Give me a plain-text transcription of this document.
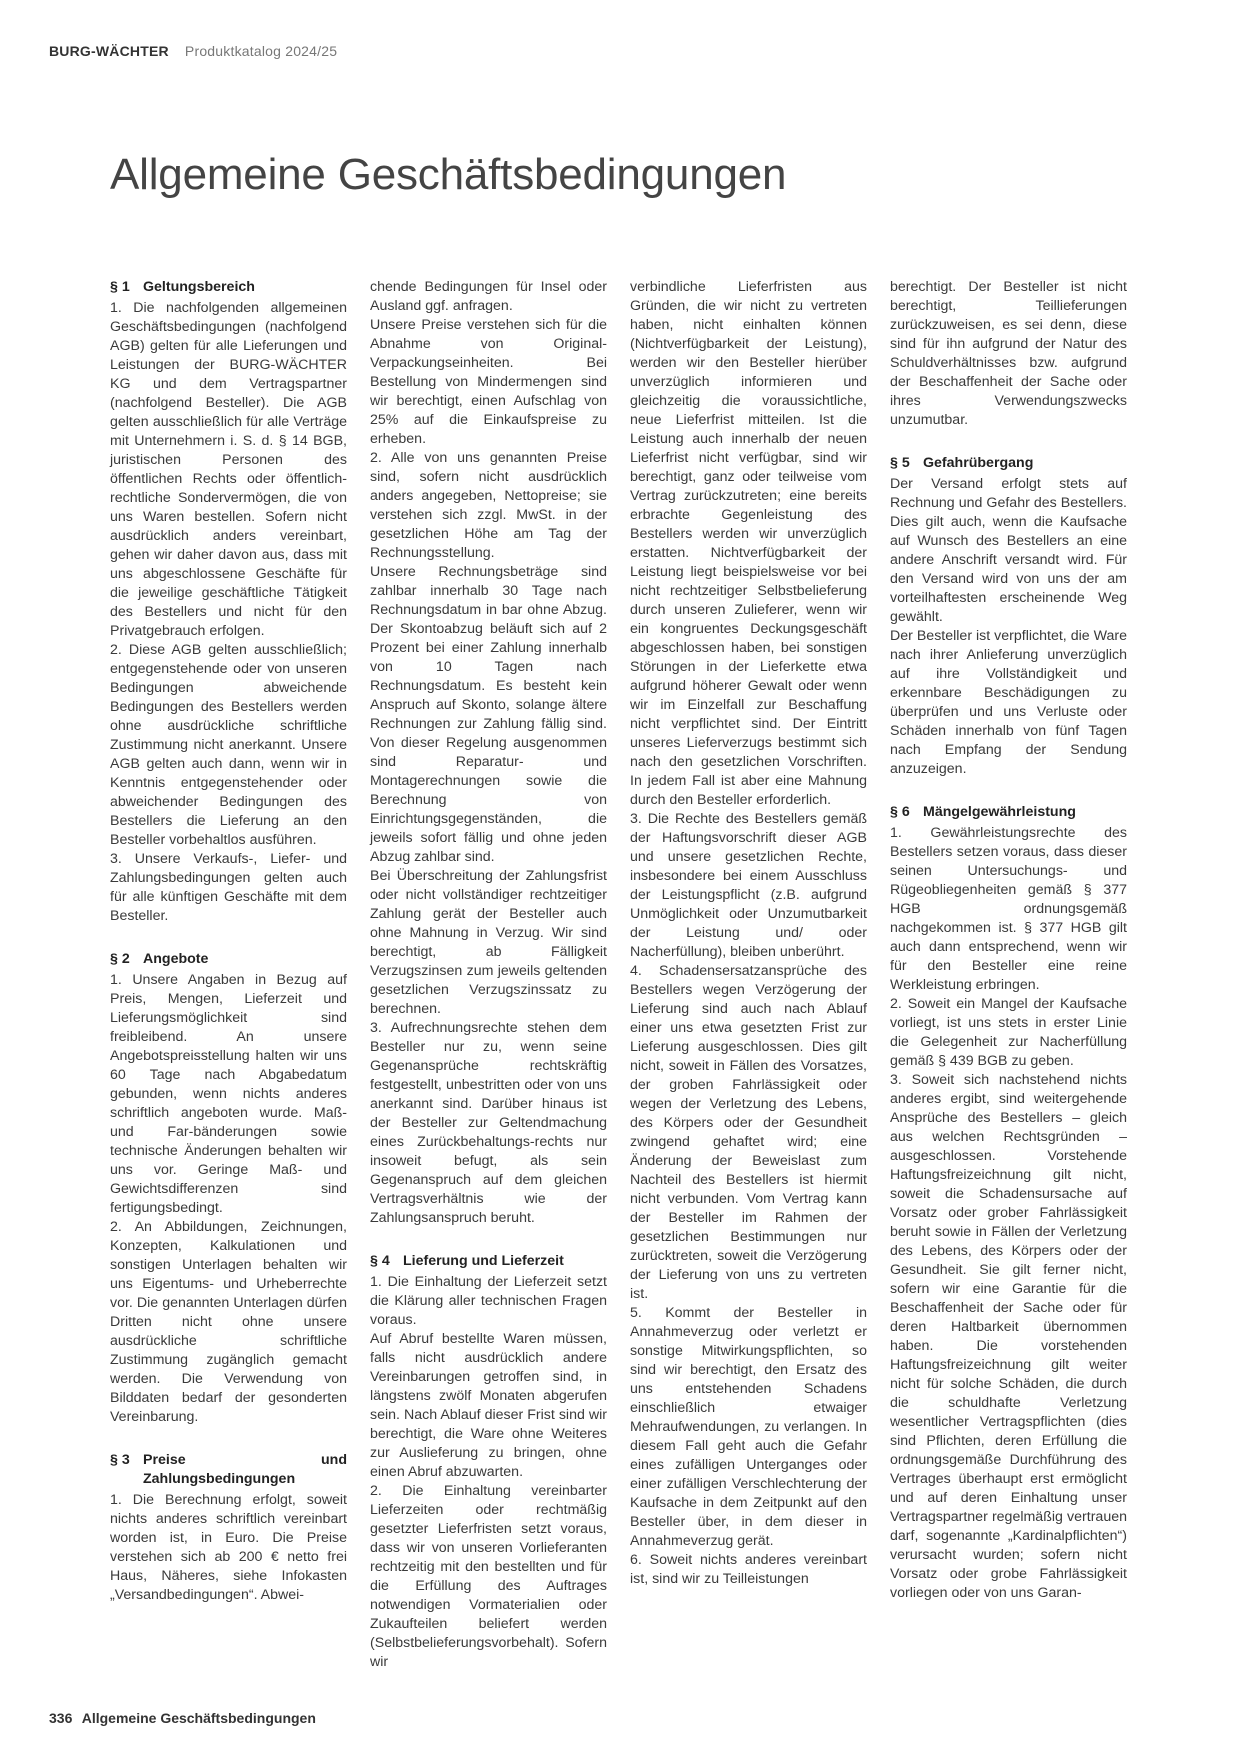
BURG-WÄCHTER Produktkatalog 2024/25
Allgemeine Geschäftsbedingungen
§ 1 Geltungsbereich

1. Die nachfolgenden allgemeinen Geschäftsbedingungen (nachfolgend AGB) gelten für alle Lieferungen und Leistungen der BURG-WÄCHTER KG und dem Vertragspartner (nachfolgend Besteller). Die AGB gelten ausschließlich für alle Verträge mit Unternehmern i. S. d. § 14 BGB, juristischen Personen des öffentlichen Rechts oder öffentlich-rechtliche Sondervermögen, die von uns Waren bestellen. Sofern nicht ausdrücklich anders vereinbart, gehen wir daher davon aus, dass mit uns abgeschlossene Geschäfte für die jeweilige geschäftliche Tätigkeit des Bestellers und nicht für den Privatgebrauch erfolgen.

2. Diese AGB gelten ausschließlich; entgegenstehende oder von unseren Bedingungen abweichende Bedingungen des Bestellers werden ohne ausdrückliche schriftliche Zustimmung nicht anerkannt. Unsere AGB gelten auch dann, wenn wir in Kenntnis entgegenstehender oder abweichender Bedingungen des Bestellers die Lieferung an den Besteller vorbehaltlos ausführen.

3. Unsere Verkaufs-, Liefer- und Zahlungsbedingungen gelten auch für alle künftigen Geschäfte mit dem Besteller.

§ 2 Angebote

1. Unsere Angaben in Bezug auf Preis, Mengen, Lieferzeit und Lieferungsmöglichkeit sind freibleibend. An unsere Angebotspreisstellung halten wir uns 60 Tage nach Abgabedatum gebunden, wenn nichts anderes schriftlich angeboten wurde. Maß- und Far-bänderungen sowie technische Änderungen behalten wir uns vor. Geringe Maß- und Gewichtsdifferenzen sind fertigungsbedingt.

2. An Abbildungen, Zeichnungen, Konzepten, Kalkulationen und sonstigen Unterlagen behalten wir uns Eigentums- und Urheberrechte vor. Die genannten Unterlagen dürfen Dritten nicht ohne unsere ausdrückliche schriftliche Zustimmung zugänglich gemacht werden. Die Verwendung von Bilddaten bedarf der gesonderten Vereinbarung.

§ 3 Preise und Zahlungsbedingungen

1. Die Berechnung erfolgt, soweit nichts anderes schriftlich vereinbart worden ist, in Euro. Die Preise verstehen sich ab 200 € netto frei Haus, Näheres, siehe Infokasten „Versandbedingungen“. Abwei-

chende Bedingungen für Insel oder Ausland ggf. anfragen.

Unsere Preise verstehen sich für die Abnahme von Original-Verpackungseinheiten. Bei Bestellung von Mindermengen sind wir berechtigt, einen Aufschlag von 25% auf die Einkaufspreise zu erheben.

2. Alle von uns genannten Preise sind, sofern nicht ausdrücklich anders angegeben, Nettopreise; sie verstehen sich zzgl. MwSt. in der gesetzlichen Höhe am Tag der Rechnungsstellung.

Unsere Rechnungsbeträge sind zahlbar innerhalb 30 Tage nach Rechnungsdatum in bar ohne Abzug. Der Skontoabzug beläuft sich auf 2 Prozent bei einer Zahlung innerhalb von 10 Tagen nach Rechnungsdatum. Es besteht kein Anspruch auf Skonto, solange ältere Rechnungen zur Zahlung fällig sind. Von dieser Regelung ausgenommen sind Reparatur- und Montagerechnungen sowie die Berechnung von Einrichtungsgegenständen, die jeweils sofort fällig und ohne jeden Abzug zahlbar sind.

Bei Überschreitung der Zahlungsfrist oder nicht vollständiger rechtzeitiger Zahlung gerät der Besteller auch ohne Mahnung in Verzug. Wir sind berechtigt, ab Fälligkeit Verzugszinsen zum jeweils geltenden gesetzlichen Verzugszinssatz zu berechnen.

3. Aufrechnungsrechte stehen dem Besteller nur zu, wenn seine Gegenansprüche rechtskräftig festgestellt, unbestritten oder von uns anerkannt sind. Darüber hinaus ist der Besteller zur Geltendmachung eines Zurückbehaltungs-rechts nur insoweit befugt, als sein Gegenanspruch auf dem gleichen Vertragsverhältnis wie der Zahlungsanspruch beruht.

§ 4 Lieferung und Lieferzeit

1. Die Einhaltung der Lieferzeit setzt die Klärung aller technischen Fragen voraus.

Auf Abruf bestellte Waren müssen, falls nicht ausdrücklich andere Vereinbarungen getroffen sind, in längstens zwölf Monaten abgerufen sein. Nach Ablauf dieser Frist sind wir berechtigt, die Ware ohne Weiteres zur Auslieferung zu bringen, ohne einen Abruf abzuwarten.

2. Die Einhaltung vereinbarter Lieferzeiten oder rechtmäßig gesetzter Lieferfristen setzt voraus, dass wir von unseren Vorlieferanten rechtzeitig mit den bestellten und für die Erfüllung des Auftrages notwendigen Vormaterialien oder Zukaufteilen beliefert werden (Selbstbelieferungsvorbehalt). Sofern wir

verbindliche Lieferfristen aus Gründen, die wir nicht zu vertreten haben, nicht einhalten können (Nichtverfügbarkeit der Leistung), werden wir den Besteller hierüber unverzüglich informieren und gleichzeitig die voraussichtliche, neue Lieferfrist mitteilen. Ist die Leistung auch innerhalb der neuen Lieferfrist nicht verfügbar, sind wir berechtigt, ganz oder teilweise vom Vertrag zurückzutreten; eine bereits erbrachte Gegenleistung des Bestellers werden wir unverzüglich erstatten. Nichtverfügbarkeit der Leistung liegt beispielsweise vor bei nicht rechtzeitiger Selbstbelieferung durch unseren Zulieferer, wenn wir ein kongruentes Deckungsgeschäft abgeschlossen haben, bei sonstigen Störungen in der Lieferkette etwa aufgrund höherer Gewalt oder wenn wir im Einzelfall zur Beschaffung nicht verpflichtet sind. Der Eintritt unseres Lieferverzugs bestimmt sich nach den gesetzlichen Vorschriften. In jedem Fall ist aber eine Mahnung durch den Besteller erforderlich.

3. Die Rechte des Bestellers gemäß der Haftungsvorschrift dieser AGB und unsere gesetzlichen Rechte, insbesondere bei einem Ausschluss der Leistungspflicht (z.B. aufgrund Unmöglichkeit oder Unzumutbarkeit der Leistung und/ oder Nacherfüllung), bleiben unberührt.

4. Schadensersatzansprüche des Bestellers wegen Verzögerung der Lieferung sind auch nach Ablauf einer uns etwa gesetzten Frist zur Lieferung ausgeschlossen. Dies gilt nicht, soweit in Fällen des Vorsatzes, der groben Fahrlässigkeit oder wegen der Verletzung des Lebens, des Körpers oder der Gesundheit zwingend gehaftet wird; eine Änderung der Beweislast zum Nachteil des Bestellers ist hiermit nicht verbunden. Vom Vertrag kann der Besteller im Rahmen der gesetzlichen Bestimmungen nur zurücktreten, soweit die Verzögerung der Lieferung von uns zu vertreten ist.

5. Kommt der Besteller in Annahmeverzug oder verletzt er sonstige Mitwirkungspflichten, so sind wir berechtigt, den Ersatz des uns entstehenden Schadens einschließlich etwaiger Mehraufwendungen, zu verlangen. In diesem Fall geht auch die Gefahr eines zufälligen Unterganges oder einer zufälligen Verschlechterung der Kaufsache in dem Zeitpunkt auf den Besteller über, in dem dieser in Annahmeverzug gerät.

6. Soweit nichts anderes vereinbart ist, sind wir zu Teilleistungen

berechtigt. Der Besteller ist nicht berechtigt, Teillieferungen zurückzuweisen, es sei denn, diese sind für ihn aufgrund der Natur des Schuldverhältnisses bzw. aufgrund der Beschaffenheit der Sache oder ihres Verwendungszwecks unzumutbar.

§ 5 Gefahrübergang

Der Versand erfolgt stets auf Rechnung und Gefahr des Bestellers. Dies gilt auch, wenn die Kaufsache auf Wunsch des Bestellers an eine andere Anschrift versandt wird. Für den Versand wird von uns der am vorteilhaftesten erscheinende Weg gewählt.

Der Besteller ist verpflichtet, die Ware nach ihrer Anlieferung unverzüglich auf ihre Vollständigkeit und erkennbare Beschädigungen zu überprüfen und uns Verluste oder Schäden innerhalb von fünf Tagen nach Empfang der Sendung anzuzeigen.

§ 6 Mängelgewährleistung

1. Gewährleistungsrechte des Bestellers setzen voraus, dass dieser seinen Untersuchungs- und Rügeobliegenheiten gemäß § 377 HGB ordnungsgemäß nachgekommen ist. § 377 HGB gilt auch dann entsprechend, wenn wir für den Besteller eine reine Werkleistung erbringen.

2. Soweit ein Mangel der Kaufsache vorliegt, ist uns stets in erster Linie die Gelegenheit zur Nacherfüllung gemäß § 439 BGB zu geben.

3. Soweit sich nachstehend nichts anderes ergibt, sind weitergehende Ansprüche des Bestellers – gleich aus welchen Rechtsgründen – ausgeschlossen. Vorstehende Haftungsfreizeichnung gilt nicht, soweit die Schadensursache auf Vorsatz oder grober Fahrlässigkeit beruht sowie in Fällen der Verletzung des Lebens, des Körpers oder der Gesundheit. Sie gilt ferner nicht, sofern wir eine Garantie für die Beschaffenheit der Sache oder für deren Haltbarkeit übernommen haben. Die vorstehenden Haftungsfreizeichnung gilt weiter nicht für solche Schäden, die durch die schuldhafte Verletzung wesentlicher Vertragspflichten (dies sind Pflichten, deren Erfüllung die ordnungsgemäße Durchführung des Vertrages überhaupt erst ermöglicht und auf deren Einhaltung unser Vertragspartner regelmäßig vertrauen darf, sogenannte „Kardinalpflichten“) verursacht wurden; sofern nicht Vorsatz oder grobe Fahrlässigkeit vorliegen oder von uns Garan-

336 Allgemeine Geschäftsbedingungen
